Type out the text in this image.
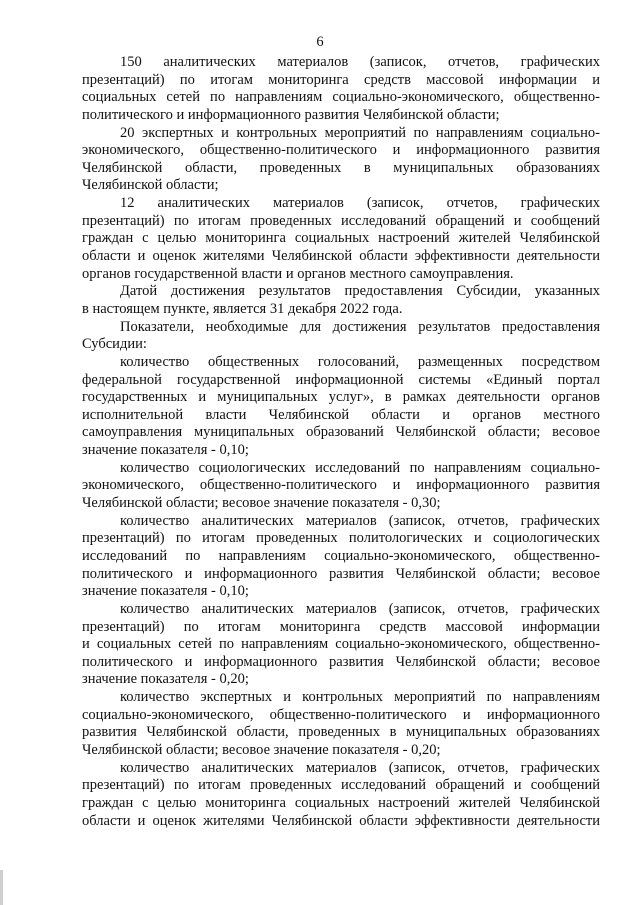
6
150 аналитических материалов (записок, отчетов, графических
презентаций) по итогам мониторинга средств массовой информации и
социальных сетей по направлениям социально-экономического, общественно-
политического и информационного развития Челябинской области;
20 экспертных и контрольных мероприятий по направлениям социально-
экономического, общественно-политического и информационного развития
Челябинской области, проведенных в муниципальных образованиях
Челябинской области;
12 аналитических материалов (записок, отчетов, графических
презентаций) по итогам проведенных исследований обращений и сообщений
граждан с целью мониторинга социальных настроений жителей Челябинской
области и оценок жителями Челябинской области эффективности деятельности
органов государственной власти и органов местного самоуправления.
Датой достижения результатов предоставления Субсидии, указанных
в настоящем пункте, является 31 декабря 2022 года.
Показатели, необходимые для достижения результатов предоставления
Субсидии:
количество общественных голосований, размещенных посредством
федеральной государственной информационной системы «Единый портал
государственных и муниципальных услуг», в рамках деятельности органов
исполнительной власти Челябинской области и органов местного
самоуправления муниципальных образований Челябинской области; весовое
значение показателя - 0,10;
количество социологических исследований по направлениям социально-
экономического, общественно-политического и информационного развития
Челябинской области; весовое значение показателя - 0,30;
количество аналитических материалов (записок, отчетов, графических
презентаций) по итогам проведенных политологических и социологических
исследований по направлениям социально-экономического, общественно-
политического и информационного развития Челябинской области; весовое
значение показателя - 0,10;
количество аналитических материалов (записок, отчетов, графических
презентаций) по итогам мониторинга средств массовой информации
и социальных сетей по направлениям социально-экономического, общественно-
политического и информационного развития Челябинской области; весовое
значение показателя - 0,20;
количество экспертных и контрольных мероприятий по направлениям
социально-экономического, общественно-политического и информационного
развития Челябинской области, проведенных в муниципальных образованиях
Челябинской области; весовое значение показателя - 0,20;
количество аналитических материалов (записок, отчетов, графических
презентаций) по итогам проведенных исследований обращений и сообщений
граждан с целью мониторинга социальных настроений жителей Челябинской
области и оценок жителями Челябинской области эффективности деятельности
